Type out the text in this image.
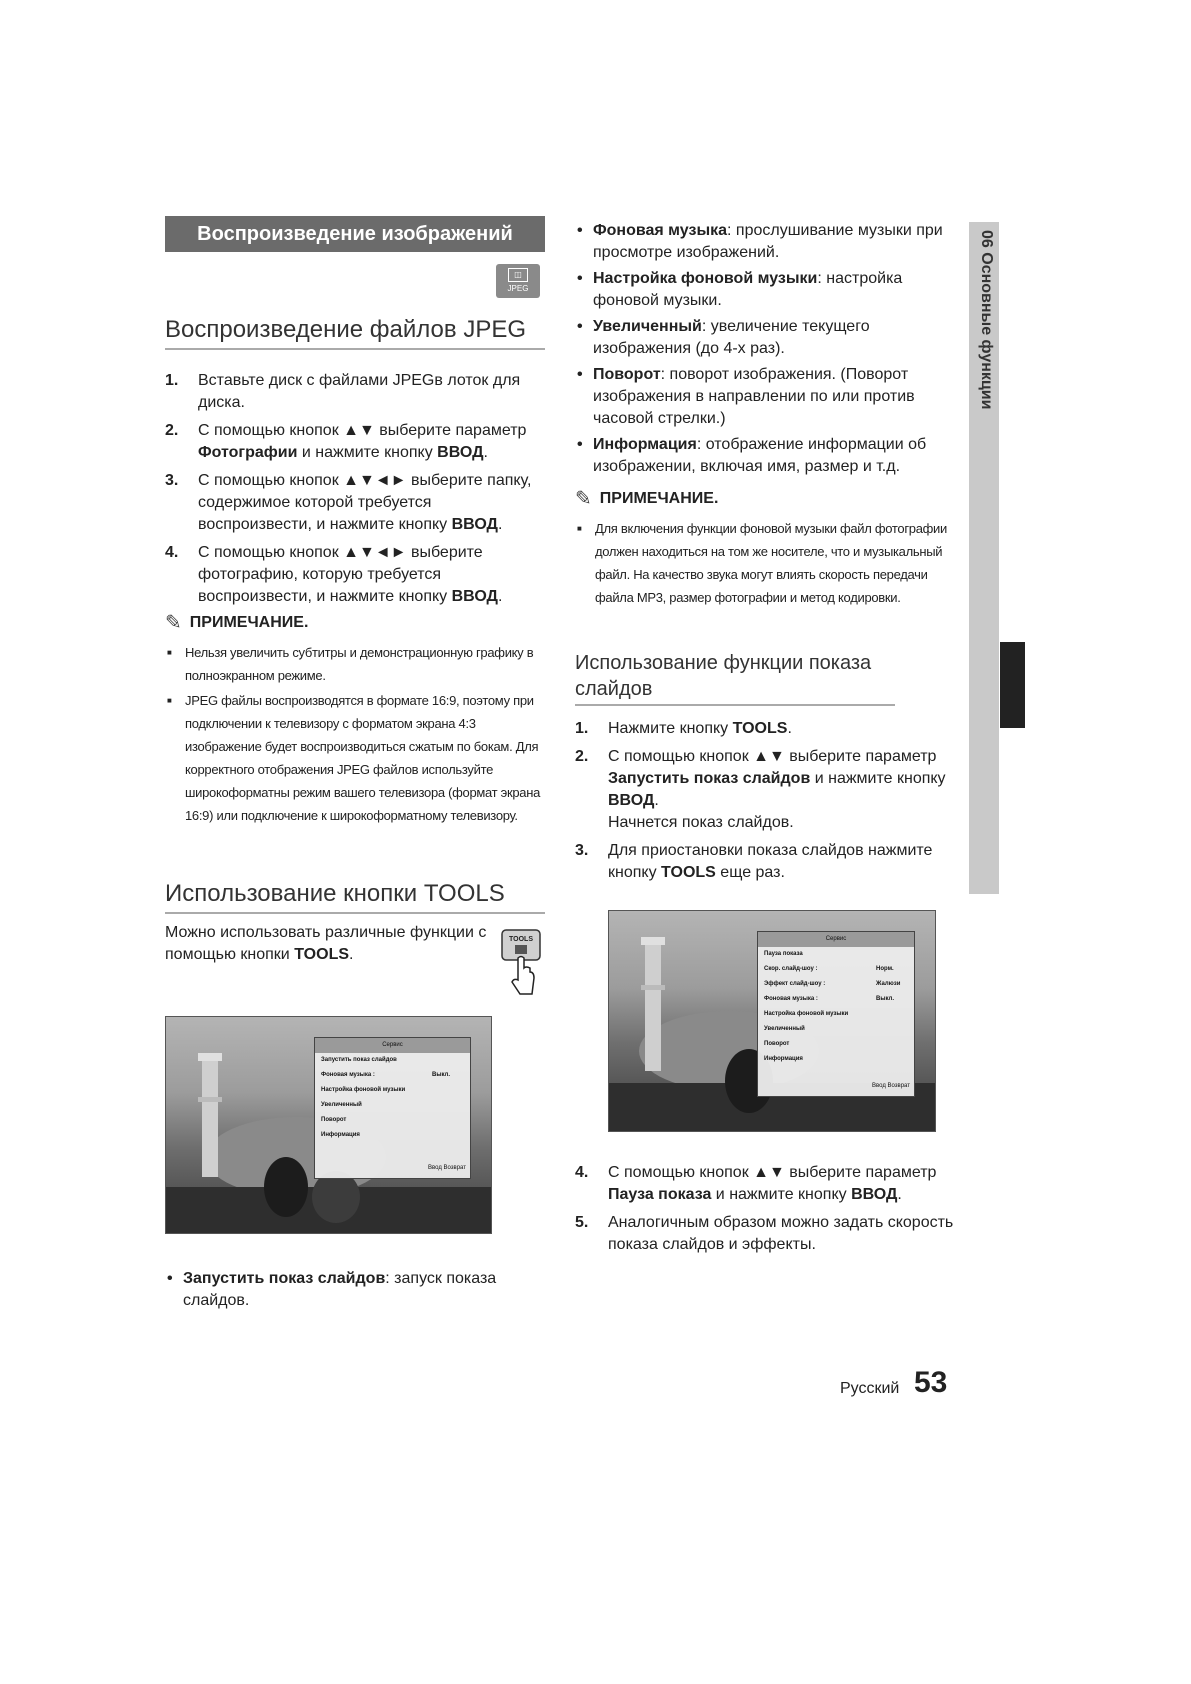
Воспроизведение изображений
◫
JPEG
Воспроизведение файлов JPEG
1. Вставьте диск с файлами JPEGв лоток для диска.
2. С помощью кнопок ▲▼ выберите параметр Фотографии и нажмите кнопку ВВОД.
3. С помощью кнопок ▲▼◄► выберите папку, содержимое которой требуется воспроизвести, и нажмите кнопку ВВОД.
4. С помощью кнопок ▲▼◄► выберите фотографию, которую требуется воспроизвести, и нажмите кнопку ВВОД.
✎ ПРИМЕЧАНИЕ.
■ Нельзя увеличить субтитры и демонстрационную графику в полноэкранном режиме.
■ JPEG файлы воспроизводятся в формате 16:9, поэтому при подключении к телевизору с форматом экрана 4:3 изображение будет воспроизводиться сжатым по бокам. Для корректного отображения JPEG файлов используйте широкоформатны режим вашего телевизора (формат экрана 16:9) или подключение к широкоформатному телевизору.
Использование кнопки TOOLS
Можно использовать различные функции с помощью кнопки TOOLS.
TOOLS
Сервис
Запустить показ слайдов
Фоновая музыка :	Выкл.
Настройка фоновой музыки
Увеличенный
Поворот
Информация
Ввод Возврат
• Запустить показ слайдов: запуск показа слайдов.
• Фоновая музыка: прослушивание музыки при просмотре изображений.
• Настройка фоновой музыки: настройка фоновой музыки.
• Увеличенный: увеличение текущего изображения (до 4-х раз).
• Поворот: поворот изображения. (Поворот изображения в направлении по или против часовой стрелки.)
• Информация: отображение информации об изображении, включая имя, размер и т.д.
✎ ПРИМЕЧАНИЕ.
■ Для включения функции фоновой музыки файл фотографии должен находиться на том же носителе, что и музыкальный файл. На качество звука могут влиять скорость передачи файла MP3, размер фотографии и метод кодировки.
Использование функции показа слайдов
1. Нажмите кнопку TOOLS.
2. С помощью кнопок ▲▼ выберите параметр Запустить показ слайдов и нажмите кнопку ВВОД.
Начнется показ слайдов.
3. Для приостановки показа слайдов нажмите кнопку TOOLS еще раз.
Сервис
Пауза показа
Скор. слайд-шоу :	Норм.
Эффект слайд-шоу :	Жалюзи
Фоновая музыка :	Выкл.
Настройка фоновой музыки
Увеличенный
Поворот
Информация
Ввод Возврат
4. С помощью кнопок ▲▼ выберите параметр Пауза показа и нажмите кнопку ВВОД.
5. Аналогичным образом можно задать скорость показа слайдов и эффекты.
06 Основные функции
Русский 53
